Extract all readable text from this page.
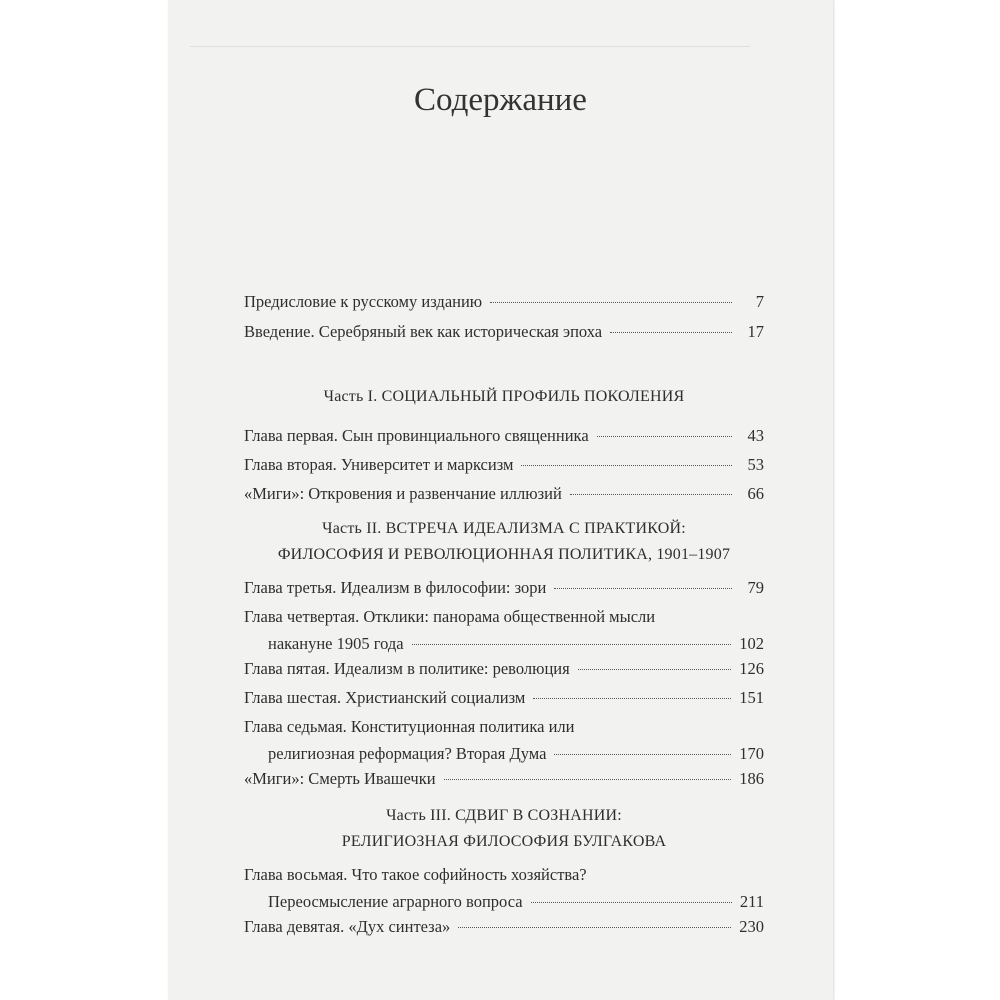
Содержание
Предисловие к русскому изданию	7
Введение. Серебряный век как историческая эпоха	17
Часть I. СОЦИАЛЬНЫЙ ПРОФИЛЬ ПОКОЛЕНИЯ
Глава первая. Сын провинциального священника	43
Глава вторая. Университет и марксизм	53
«Миги»: Откровения и развенчание иллюзий	66
Часть II. ВСТРЕЧА ИДЕАЛИЗМА С ПРАКТИКОЙ:
ФИЛОСОФИЯ И РЕВОЛЮЦИОННАЯ ПОЛИТИКА, 1901–1907
Глава третья. Идеализм в философии: зори	79
Глава четвертая. Отклики: панорама общественной мысли
накануне 1905 года	102
Глава пятая. Идеализм в политике: революция	126
Глава шестая. Христианский социализм	151
Глава седьмая. Конституционная политика или
религиозная реформация? Вторая Дума	170
«Миги»: Смерть Ивашечки	186
Часть III. СДВИГ В СОЗНАНИИ:
РЕЛИГИОЗНАЯ ФИЛОСОФИЯ БУЛГАКОВА
Глава восьмая. Что такое софийность хозяйства?
Переосмысление аграрного вопроса	211
Глава девятая. «Дух синтеза»	230
